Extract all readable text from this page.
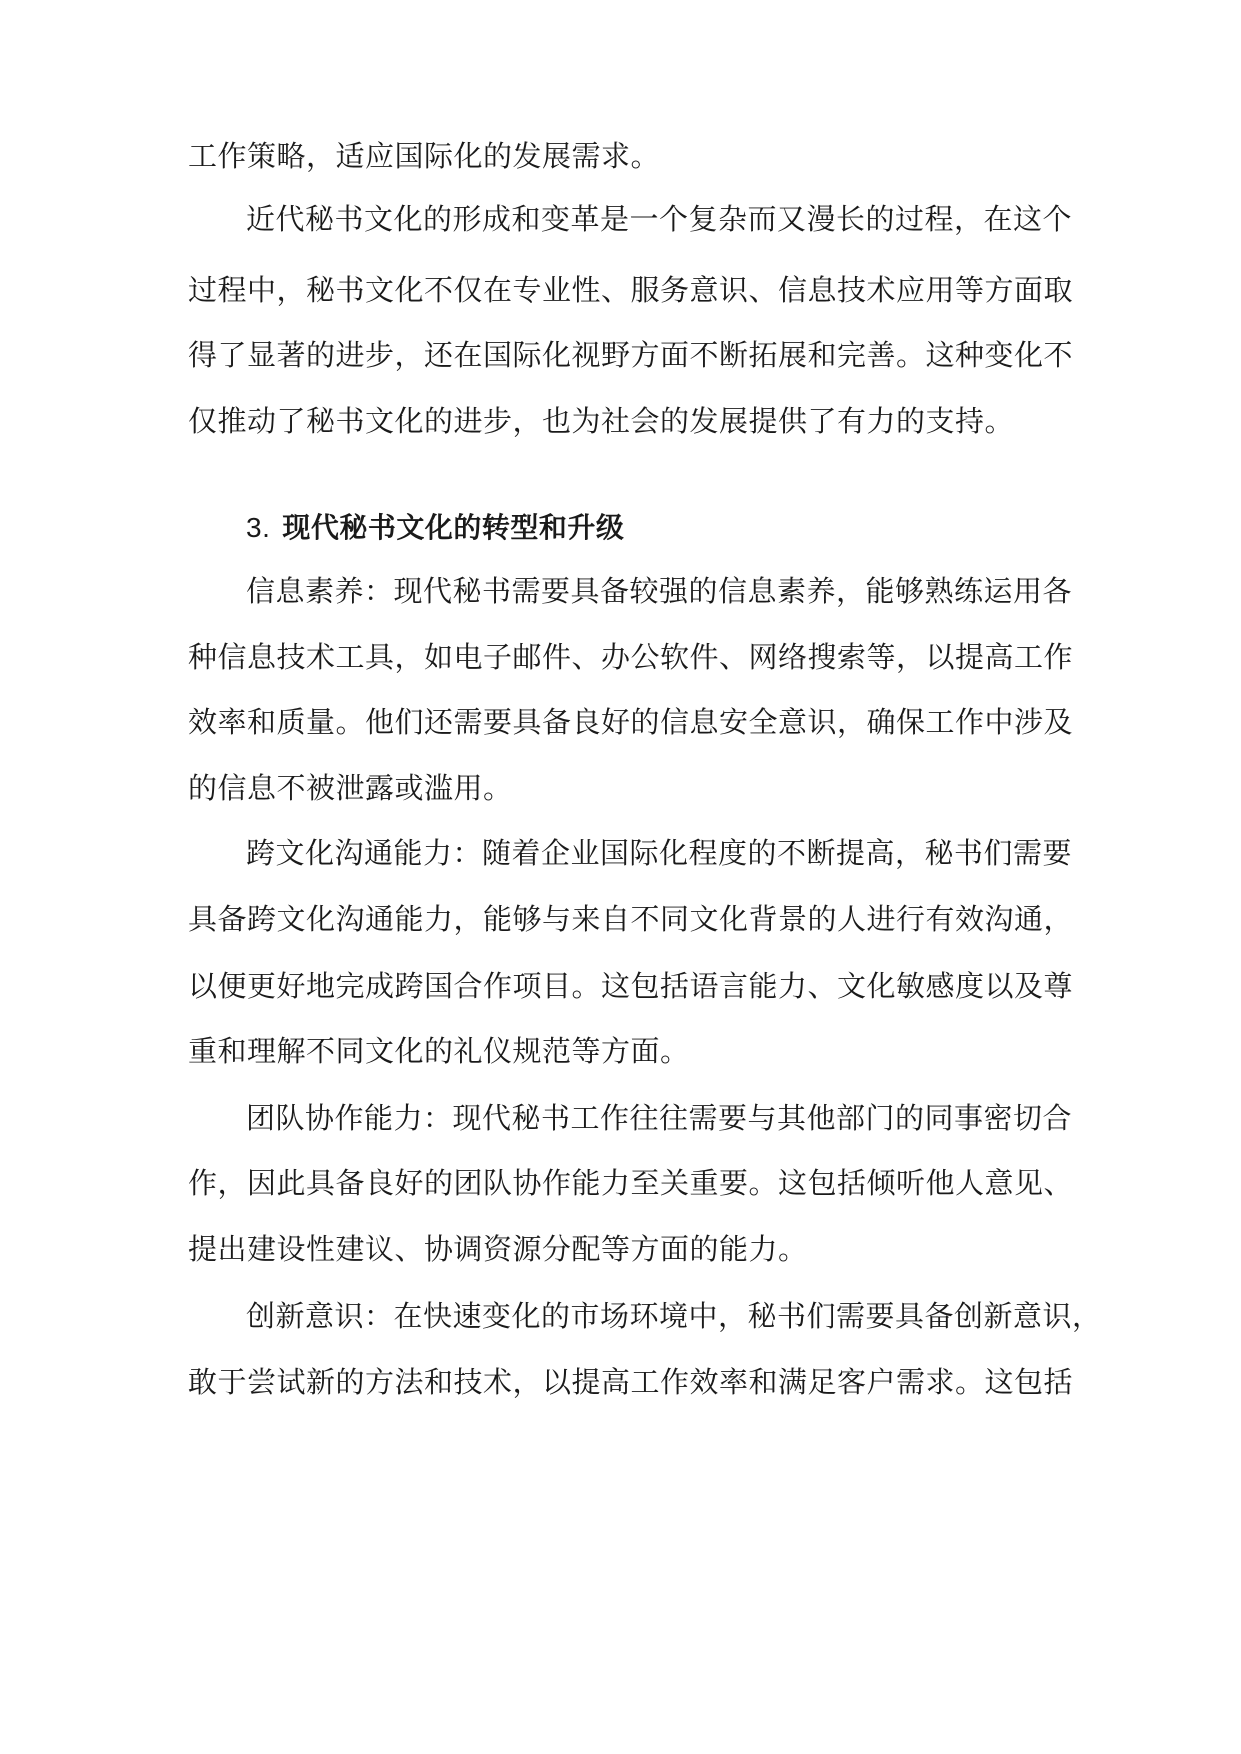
工作策略，适应国际化的发展需求。
近代秘书文化的形成和变革是一个复杂而又漫长的过程，在这个
过程中，秘书文化不仅在专业性、服务意识、信息技术应用等方面取
得了显著的进步，还在国际化视野方面不断拓展和完善。这种变化不
仅推动了秘书文化的进步，也为社会的发展提供了有力的支持。
3. 现代秘书文化的转型和升级
信息素养：现代秘书需要具备较强的信息素养，能够熟练运用各
种信息技术工具，如电子邮件、办公软件、网络搜索等，以提高工作
效率和质量。他们还需要具备良好的信息安全意识，确保工作中涉及
的信息不被泄露或滥用。
跨文化沟通能力：随着企业国际化程度的不断提高，秘书们需要
具备跨文化沟通能力，能够与来自不同文化背景的人进行有效沟通，
以便更好地完成跨国合作项目。这包括语言能力、文化敏感度以及尊
重和理解不同文化的礼仪规范等方面。
团队协作能力：现代秘书工作往往需要与其他部门的同事密切合
作，因此具备良好的团队协作能力至关重要。这包括倾听他人意见、
提出建设性建议、协调资源分配等方面的能力。
创新意识：在快速变化的市场环境中，秘书们需要具备创新意识，
敢于尝试新的方法和技术，以提高工作效率和满足客户需求。这包括
